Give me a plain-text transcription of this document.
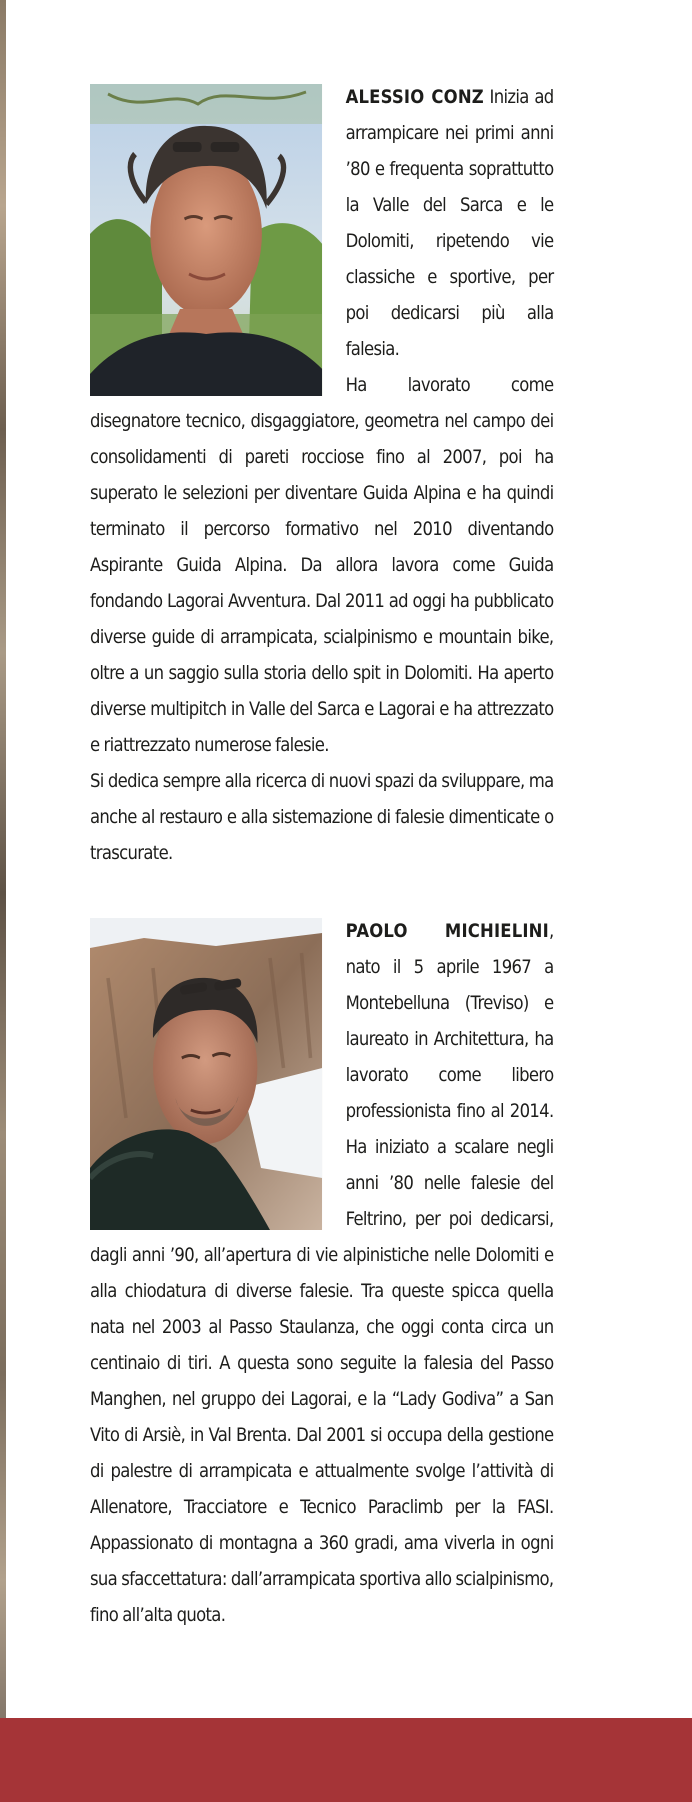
ALESSIO CONZ Inizia ad arrampicare nei primi anni ’80 e frequenta soprattutto la Valle del Sarca e le Dolomiti, ripetendo vie classiche e sportive, per poi dedicarsi più alla falesia.

Ha lavorato come disegnatore tecnico, disgaggiatore, geometra nel campo dei consolidamenti di pareti rocciose fino al 2007, poi ha superato le selezioni per diventare Guida Alpina e ha quindi terminato il percorso formativo nel 2010 diventando Aspirante Guida Alpina. Da allora lavora come Guida fondando Lagorai Avventura. Dal 2011 ad oggi ha pubblicato diverse guide di arrampicata, scialpinismo e mountain bike, oltre a un saggio sulla storia dello spit in Dolomiti. Ha aperto diverse multipitch in Valle del Sarca e Lagorai e ha attrezzato e riattrezzato numerose falesie.

Si dedica sempre alla ricerca di nuovi spazi da sviluppare, ma anche al restauro e alla sistemazione di falesie dimenticate o trascurate.

PAOLO MICHIELINI, nato il 5 aprile 1967 a Montebelluna (Treviso) e laureato in Architettura, ha lavorato come libero professionista fino al 2014. Ha iniziato a scalare negli anni ’80 nelle falesie del Feltrino, per poi dedicarsi, dagli anni ’90, all’apertura di vie alpinistiche nelle Dolomiti e alla chiodatura di diverse falesie. Tra queste spicca quella nata nel 2003 al Passo Staulanza, che oggi conta circa un centinaio di tiri. A questa sono seguite la falesia del Passo Manghen, nel gruppo dei Lagorai, e la “Lady Godiva” a San Vito di Arsiè, in Val Brenta. Dal 2001 si occupa della gestione di palestre di arrampicata e attualmente svolge l’attività di Allenatore, Tracciatore e Tecnico Paraclimb per la FASI. Appassionato di montagna a 360 gradi, ama viverla in ogni sua sfaccettatura: dall’arrampicata sportiva allo scialpinismo, fino all’alta quota.
